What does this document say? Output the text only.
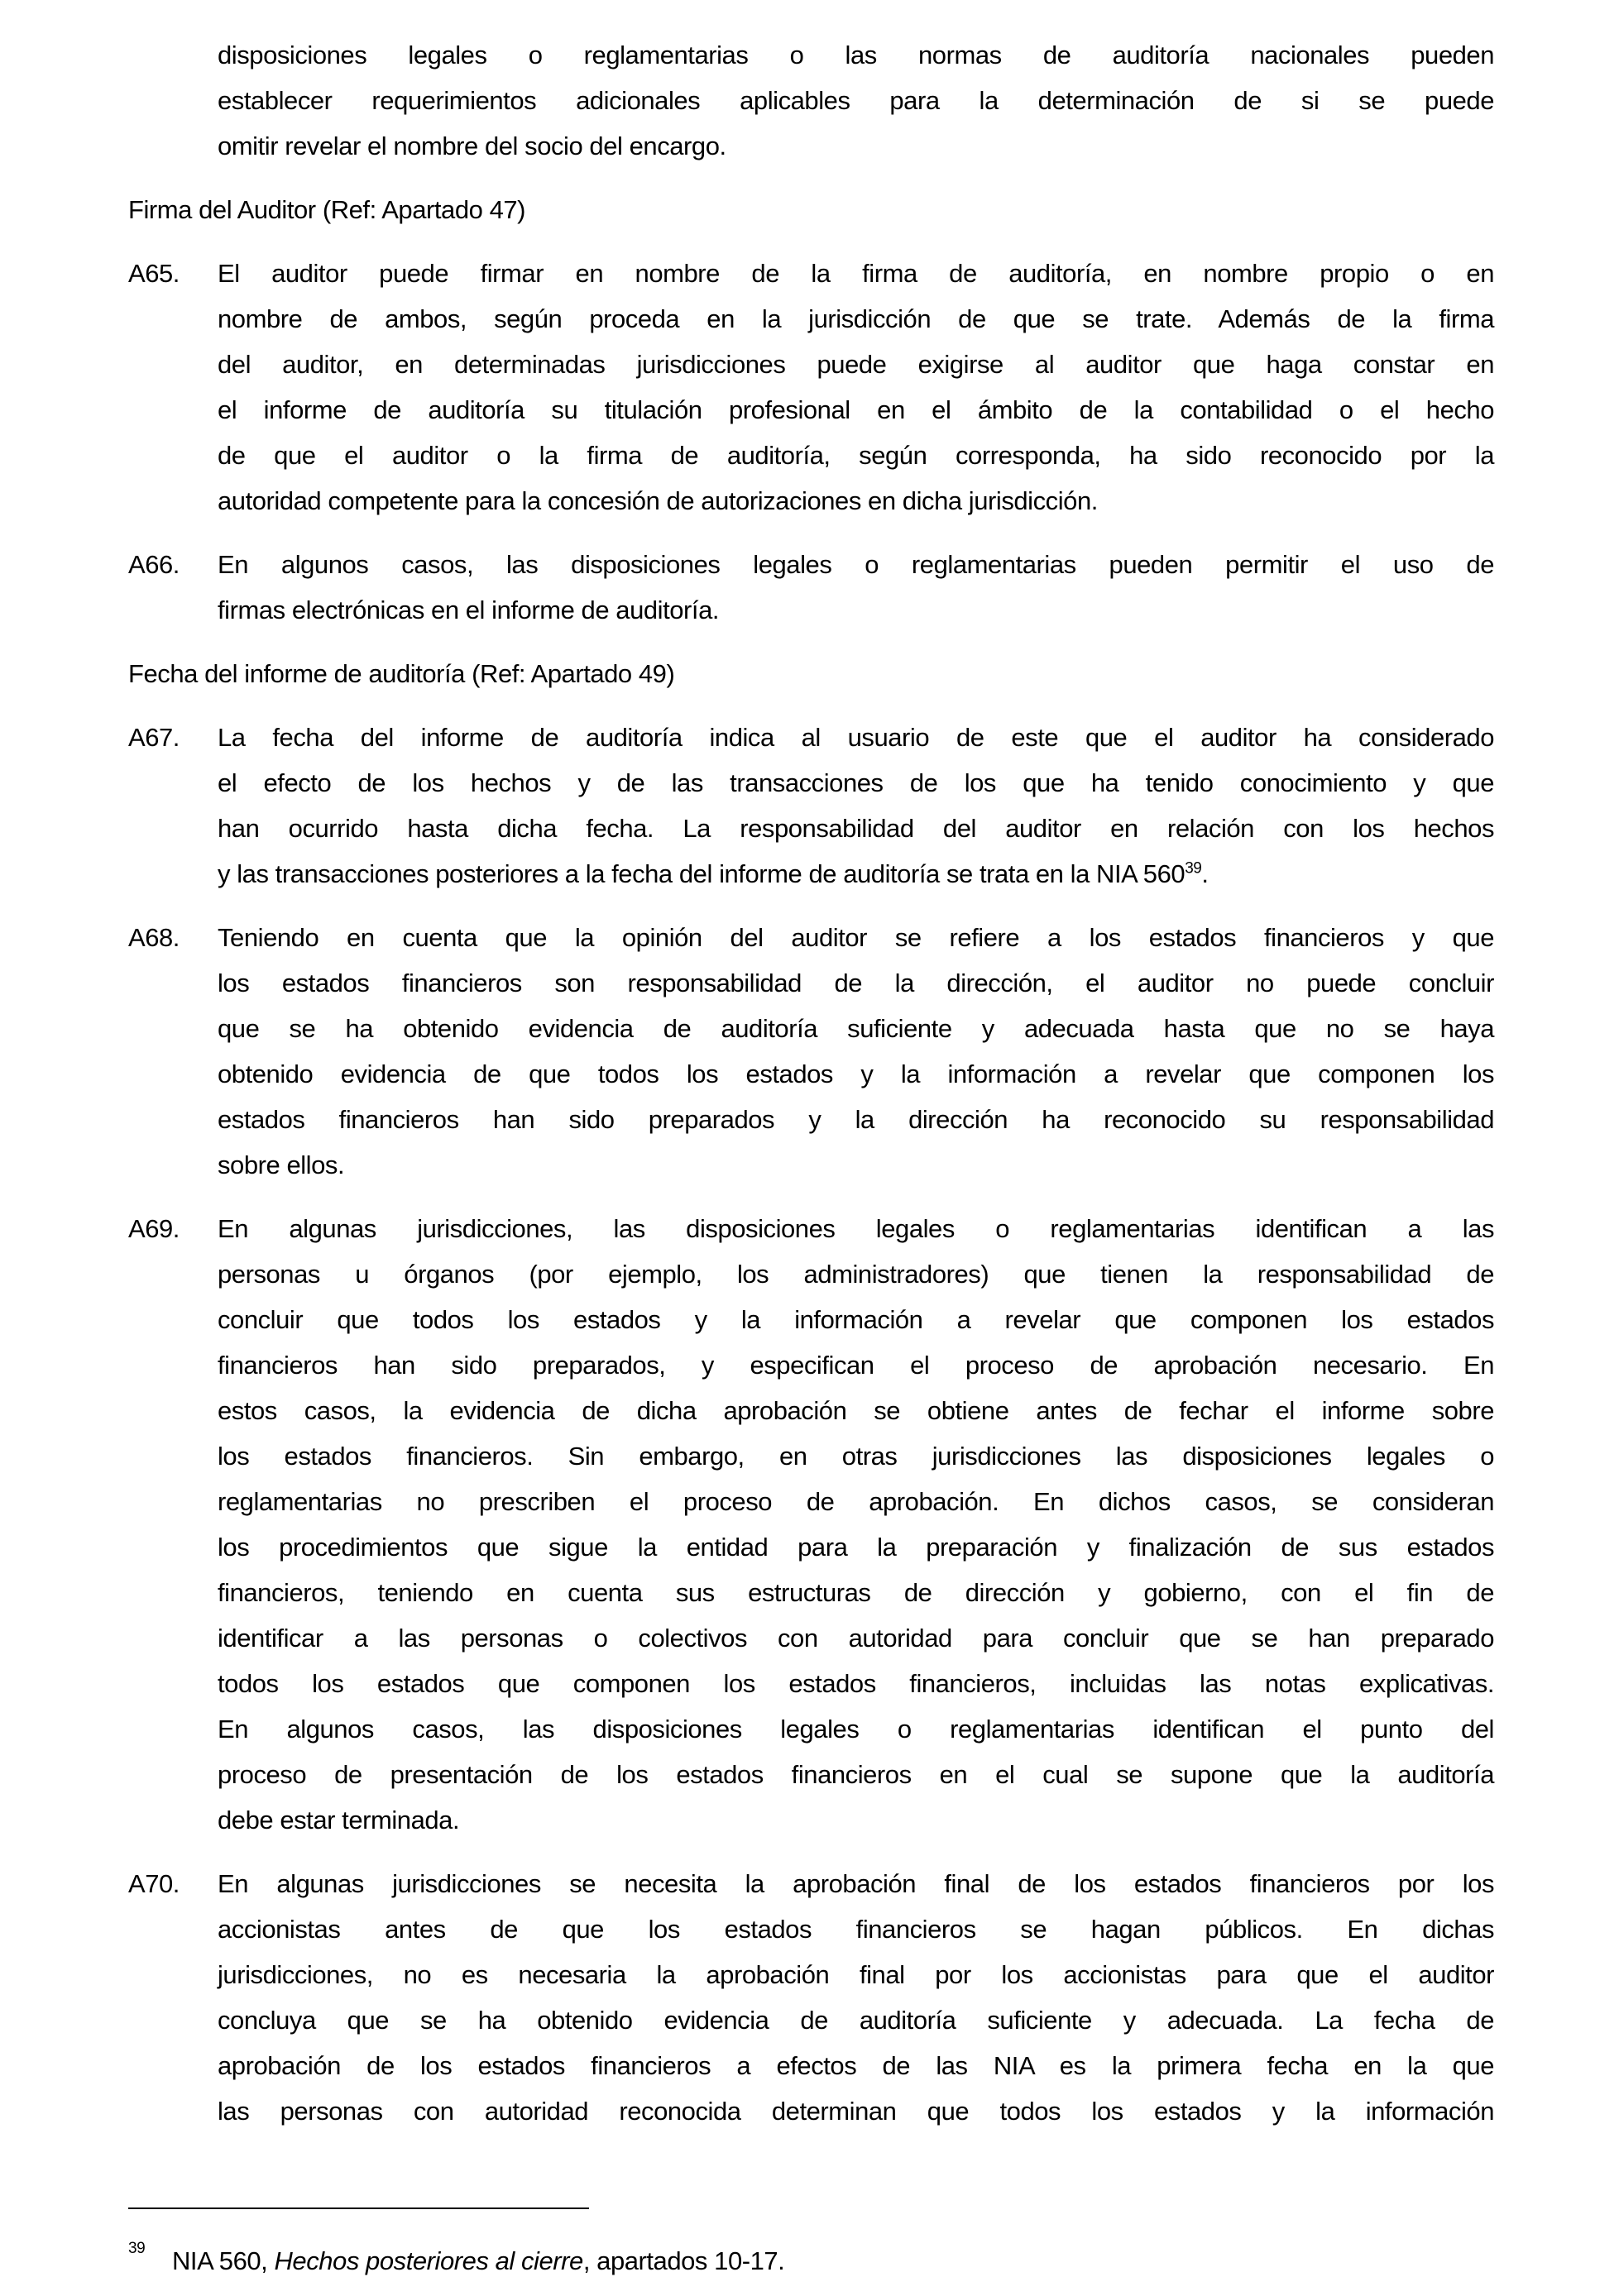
disposiciones legales o reglamentarias o las normas de auditoría nacionales pueden
establecer requerimientos adicionales aplicables para la determinación de si se puede
omitir revelar el nombre del socio del encargo.
Firma del Auditor (Ref: Apartado 47)
A65. El auditor puede firmar en nombre de la firma de auditoría, en nombre propio o en
nombre de ambos, según proceda en la jurisdicción de que se trate. Además de la firma
del auditor, en determinadas jurisdicciones puede exigirse al auditor que haga constar en
el informe de auditoría su titulación profesional en el ámbito de la contabilidad o el hecho
de que el auditor o la firma de auditoría, según corresponda, ha sido reconocido por la
autoridad competente para la concesión de autorizaciones en dicha jurisdicción.
A66. En algunos casos, las disposiciones legales o reglamentarias pueden permitir el uso de
firmas electrónicas en el informe de auditoría.
Fecha del informe de auditoría (Ref: Apartado 49)
A67. La fecha del informe de auditoría indica al usuario de este que el auditor ha considerado
el efecto de los hechos y de las transacciones de los que ha tenido conocimiento y que
han ocurrido hasta dicha fecha. La responsabilidad del auditor en relación con los hechos
y las transacciones posteriores a la fecha del informe de auditoría se trata en la NIA $560^{39}$.
A68. Teniendo en cuenta que la opinión del auditor se refiere a los estados financieros y que
los estados financieros son responsabilidad de la dirección, el auditor no puede concluir
que se ha obtenido evidencia de auditoría suficiente y adecuada hasta que no se haya
obtenido evidencia de que todos los estados y la información a revelar que componen los
estados financieros han sido preparados y la dirección ha reconocido su responsabilidad
sobre ellos.
A69. En algunas jurisdicciones, las disposiciones legales o reglamentarias identifican a las
personas u órganos (por ejemplo, los administradores) que tienen la responsabilidad de
concluir que todos los estados y la información a revelar que componen los estados
financieros han sido preparados, y especifican el proceso de aprobación necesario. En
estos casos, la evidencia de dicha aprobación se obtiene antes de fechar el informe sobre
los estados financieros. Sin embargo, en otras jurisdicciones las disposiciones legales o
reglamentarias no prescriben el proceso de aprobación. En dichos casos, se consideran
los procedimientos que sigue la entidad para la preparación y finalización de sus estados
financieros, teniendo en cuenta sus estructuras de dirección y gobierno, con el fin de
identificar a las personas o colectivos con autoridad para concluir que se han preparado
todos los estados que componen los estados financieros, incluidas las notas explicativas.
En algunos casos, las disposiciones legales o reglamentarias identifican el punto del
proceso de presentación de los estados financieros en el cual se supone que la auditoría
debe estar terminada.
A70. En algunas jurisdicciones se necesita la aprobación final de los estados financieros por los
accionistas antes de que los estados financieros se hagan públicos. En dichas
jurisdicciones, no es necesaria la aprobación final por los accionistas para que el auditor
concluya que se ha obtenido evidencia de auditoría suficiente y adecuada. La fecha de
aprobación de los estados financieros a efectos de las NIA es la primera fecha en la que
las personas con autoridad reconocida determinan que todos los estados y la información
39 NIA 560, Hechos posteriores al cierre, apartados 10-17.
